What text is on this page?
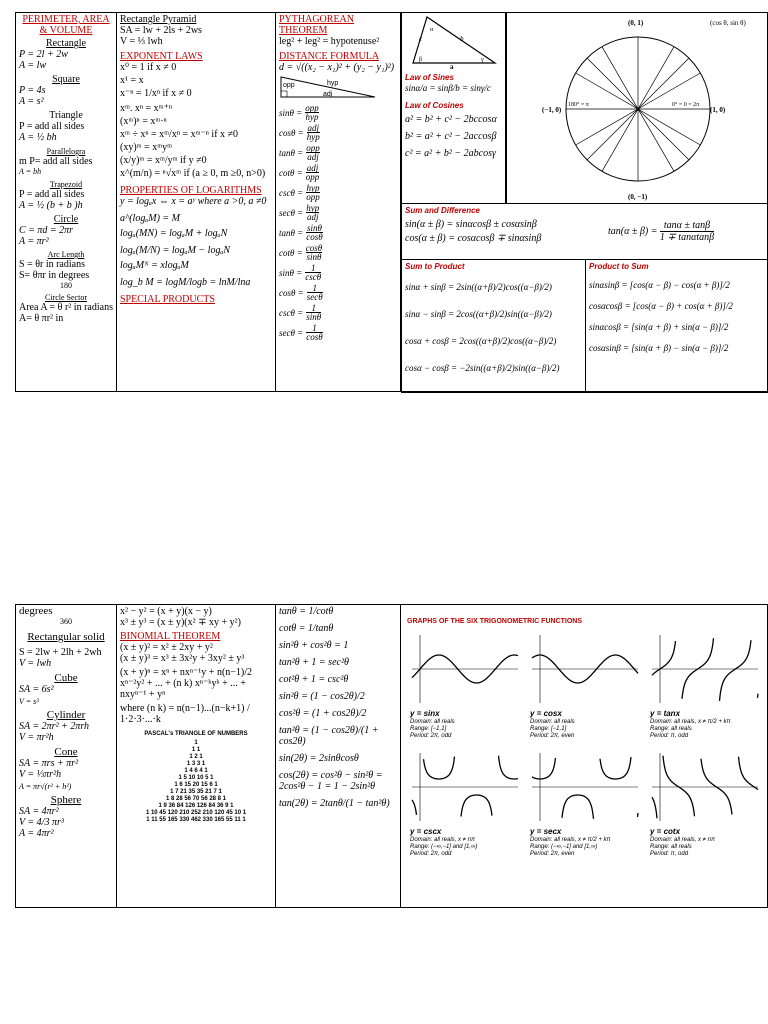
PERIMETER, AREA & VOLUME
Rectangle
P = 2l + 2w
A = lw
Square
P = 4s
A = s²
Triangle
P = add all sides
A = ½ bh
Parallelogra
m P= add all sides
A = bh
Trapezoid
P = add all sides
A = ½ (b + b )h
Circle
C = πd = 2πr
A = πr²
Arc Length
S = θr in radians
S= θπr in degrees
180
Circle Sector
Area A = θ r² in radians
A= θ πr² in
Rectangle Pyramid
SA = lw + 2ls + 2ws
V = ⅓ lwh
EXPONENT LAWS
x⁰ = 1 if x ≠ 0
x¹ = x
x⁻ⁿ = 1/xⁿ if x ≠ 0
xᵐ. xⁿ = xᵐ⁺ⁿ
(xᵐ)ⁿ = xᵐ·ⁿ
xᵐ ÷ xⁿ = xᵐ/xⁿ = xᵐ⁻ⁿ if x ≠0
(xy)ᵐ = xᵐyᵐ
(x/y)ᵐ = xᵐ/yᵐ if y ≠0
x^(m/n) = ⁿ√xᵐ if (a ≥ 0, m ≥0, n>0)
PROPERTIES OF LOGARITHMS
y = logₐx ⇔ x = aʸ where a >0, a ≠0
a^(logₐM) = M
logₐ(MN) = logₐM + logₐN
logₐ(M/N) = logₐM − logₐN
logₐMᴺ = xlogₐM
log_b M = logM/logb = lnM/lna
SPECIAL PRODUCTS
PYTHAGOREAN THEOREM
leg² + leg² = hypotenuse²
DISTANCE FORMULA
d = √((x₂ − x₁)² + (y₂ − y₁)²)
opp	hyp
adj
sinθ = opp
hyp
cosθ = adj
hyp
tanθ = opp
adj
cotθ = adj
opp
cscθ = hyp
opp
secθ = hyp
adj
$\tan\theta = \frac{\sin\theta}{\cos\theta}$
$\cot\theta = \frac{\cos\theta}{\sin\theta}$
sinθ = 1
cscθ
cosθ = 1
secθ
$\csc\theta = \frac{1}{\sin\theta}$
$\sec\theta = \frac{1}{\cos\theta}$
c
a
b
α
β	γ
Law of Sines
sinα/a = sinβ/b = sinγ/c
Law of Cosines
a² = b² + c² − 2bccosα
b² = a² + c² − 2accosβ
c² = a² + b² − 2abcosγ
(0, 1)
(0, −1)
(−1, 0)	(1, 0)
(cos θ, sin θ)
180° = π	0° = 0 = 2π
Sum and Difference
sin(α ± β) = sinαcosβ ± cosαsinβ
cos(α ± β) = cosαcosβ ∓ sinαsinβ
$\tan(\alpha \pm \beta) = \frac{\tan\alpha \pm \tan\beta}{1 \mp \tan\alpha\tan\beta}$
Sum to Product
sinα + sinβ = 2sin((α+β)/2)cos((α−β)/2)
sinα − sinβ = 2cos((α+β)/2)sin((α−β)/2)
cosα + cosβ = 2cos((α+β)/2)cos((α−β)/2)
cosα − cosβ = −2sin((α+β)/2)sin((α−β)/2)
Product to Sum
sinαsinβ = [cos(α − β) − cos(α + β)]/2
cosαcosβ = [cos(α − β) + cos(α + β)]/2
sinαcosβ = [sin(α + β) + sin(α − β)]/2
cosαsinβ = [sin(α + β) − sin(α − β)]/2
degrees
360
Rectangular solid
S = 2lw + 2lh + 2wh
V = lwh
Cube
SA = 6s²
V = s³
Cylinder
SA = 2πr² + 2πrh
V = πr²h
Cone
SA = πrs + πr²
V = ⅓πr²h
A = πr√(r² + h²)
Sphere
SA = 4πr²
V = 4/3 πr³
A = 4πr²
x² − y² = (x + y)(x − y)
x³ ± y³ = (x ± y)(x² ∓ xy + y²)
BINOMIAL THEOREM
(x ± y)² = x² ± 2xy + y²
(x ± y)³ = x³ ± 3x²y + 3xy² ± y³
(x + y)ⁿ = xⁿ + nxⁿ⁻¹y + n(n−1)/2 xⁿ⁻²y² + ... + (n k) xⁿ⁻ᵏyᵏ + ... + nxyⁿ⁻¹ + yⁿ
where (n k) = n(n−1)...(n−k+1) / 1·2·3·...·k
PASCAL's TRIANGLE OF NUMBERS
1
1 1
1 2 1
1 3 3 1
1 4 6 4 1
1 5 10 10 5 1
1 6 15 20 15 6 1
1 7 21 35 35 21 7 1
1 8 28 56 70 56 28 8 1
1 9 36 84 126 126 84 36 9 1
1 10 45 120 210 252 210 120 45 10 1
1 11 55 165 330 462 330 165 55 11 1
tanθ = 1/cotθ
cotθ = 1/tanθ
sin²θ + cos²θ = 1
tan²θ + 1 = sec²θ
cot²θ + 1 = csc²θ
sin²θ = (1 − cos2θ)/2
cos²θ = (1 + cos2θ)/2
tan²θ = (1 − cos2θ)/(1 + cos2θ)
sin(2θ) = 2sinθcosθ
cos(2θ) = cos²θ − sin²θ = 2cos²θ − 1 = 1 − 2sin²θ
tan(2θ) = 2tanθ/(1 − tan²θ)
GRAPHS OF THE SIX TRIGONOMETRIC FUNCTIONS
y = sinx
Domain: all reals
Range: [−1,1]
Period: 2π, odd
y = cosx
Domain: all reals
Range: [−1,1]
Period: 2π, even
y = tanx
Domain: all reals, x ≠ π/2 + kπ
Range: all reals
Period: π, odd
y = cscx
Domain: all reals, x ≠ nπ
Range: (−∞,−1] and [1,∞)
Period: 2π, odd
y = secx
Domain: all reals, x ≠ π/2 + kπ
Range: (−∞,−1] and [1,∞)
Period: 2π, even
y = cotx
Domain: all reals, x ≠ nπ
Range: all reals
Period: π, odd
